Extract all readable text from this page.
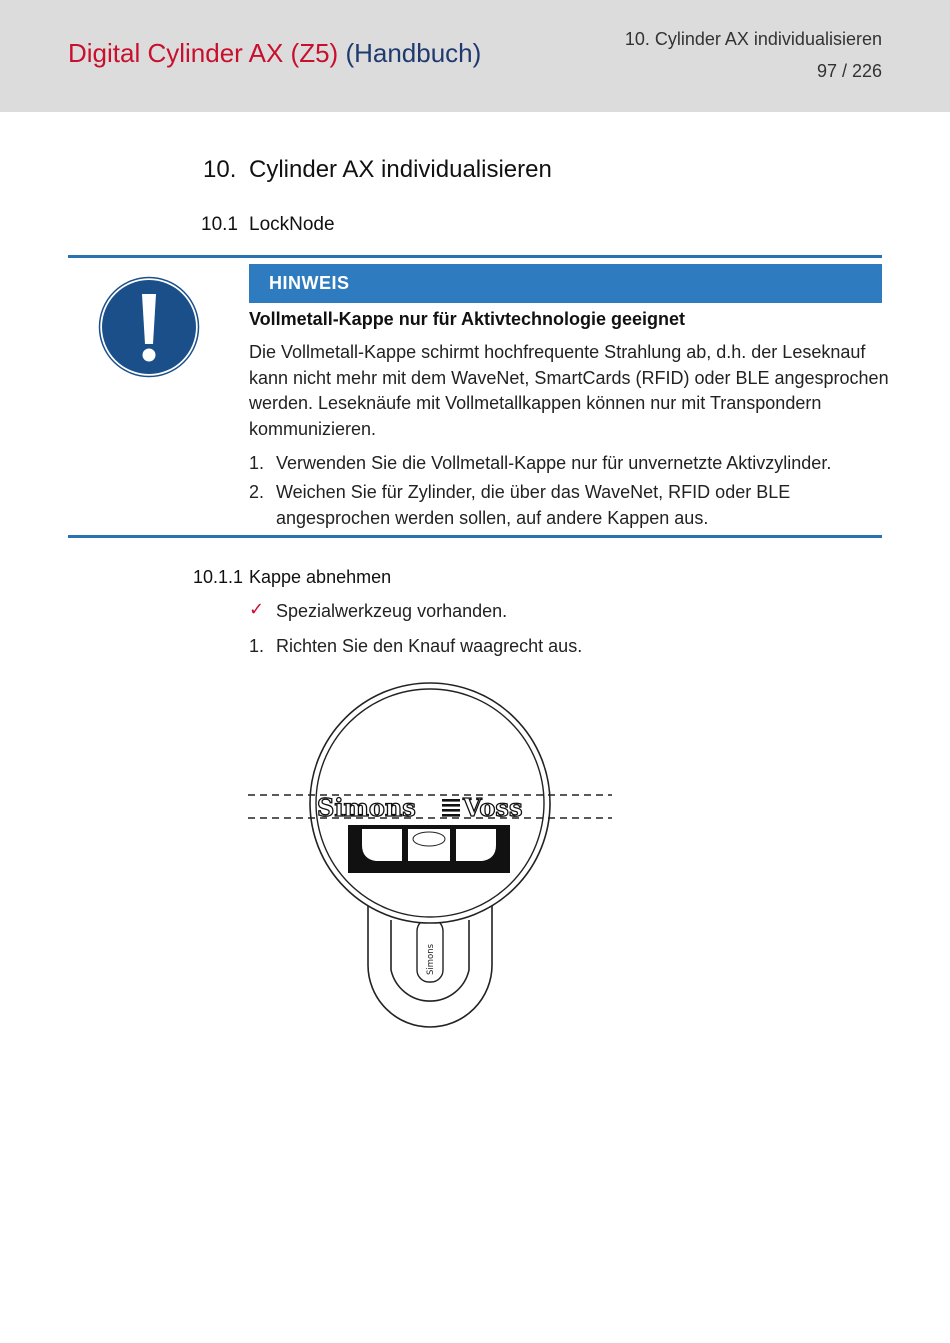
Digital Cylinder AX (Z5) (Handbuch)	10. Cylinder AX individualisieren
97 / 226
10. Cylinder AX individualisieren
10.1 LockNode
HINWEIS
Vollmetall-Kappe nur für Aktivtechnologie geeignet

Die Vollmetall-Kappe schirmt hochfrequente Strahlung ab, d.h. der Leseknauf kann nicht mehr mit dem WaveNet, SmartCards (RFID) oder BLE angesprochen werden. Leseknäufe mit Vollmetallkappen können nur mit Transpondern kommunizieren.

1. Verwenden Sie die Vollmetall-Kappe nur für unvernetzte Aktivzylinder.
2. Weichen Sie für Zylinder, die über das WaveNet, RFID oder BLE angesprochen werden sollen, auf andere Kappen aus.
10.1.1 Kappe abnehmen
✓ Spezialwerkzeug vorhanden.
1. Richten Sie den Knauf waagrecht aus.
Simons
Simons Voss
